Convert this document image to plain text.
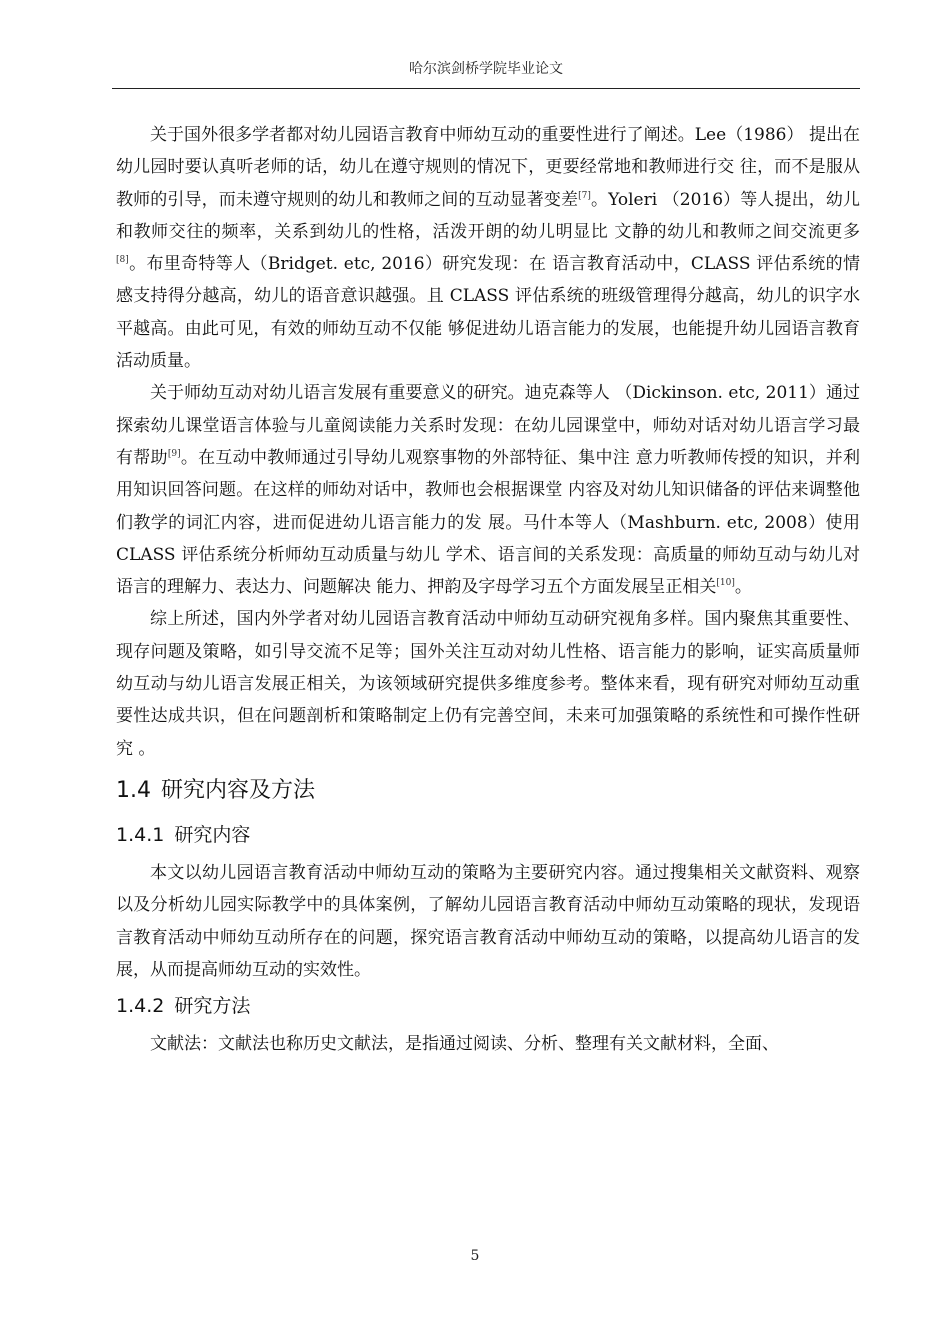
哈尔滨剑桥学院毕业论文

关于国外很多学者都对幼儿园语言教育中师幼互动的重要性进行了阐述。Lee（1986） 提出在幼儿园时要认真听老师的话，幼儿在遵守规则的情况下，更要经常地和教师进行交 往，而不是服从教师的引导，而未遵守规则的幼儿和教师之间的互动显著变差[7]。Yoleri （2016）等人提出，幼儿和教师交往的频率，关系到幼儿的性格，活泼开朗的幼儿明显比 文静的幼儿和教师之间交流更多[8]。布里奇特等人（Bridget. etc, 2016）研究发现：在 语言教育活动中，CLASS 评估系统的情感支持得分越高，幼儿的语音意识越强。且 CLASS 评估系统的班级管理得分越高，幼儿的识字水平越高。由此可见，有效的师幼互动不仅能 够促进幼儿语言能力的发展，也能提升幼儿园语言教育活动质量。

关于师幼互动对幼儿语言发展有重要意义的研究。迪克森等人 （Dickinson. etc, 2011）通过探索幼儿课堂语言体验与儿童阅读能力关系时发现：在幼儿园课堂中，师幼对话对幼儿语言学习最有帮助[9]。在互动中教师通过引导幼儿观察事物的外部特征、集中注 意力听教师传授的知识，并利用知识回答问题。在这样的师幼对话中，教师也会根据课堂 内容及对幼儿知识储备的评估来调整他们教学的词汇内容，进而促进幼儿语言能力的发 展。马什本等人（Mashburn. etc, 2008）使用 CLASS 评估系统分析师幼互动质量与幼儿 学术、语言间的关系发现：高质量的师幼互动与幼儿对语言的理解力、表达力、问题解决 能力、押韵及字母学习五个方面发展呈正相关[10]。

综上所述，国内外学者对幼儿园语言教育活动中师幼互动研究视角多样。国内聚焦其重要性、现存问题及策略，如引导交流不足等；国外关注互动对幼儿性格、语言能力的影响，证实高质量师幼互动与幼儿语言发展正相关，为该领域研究提供多维度参考。整体来看，现有研究对师幼互动重要性达成共识，但在问题剖析和策略制定上仍有完善空间，未来可加强策略的系统性和可操作性研究 。

1.4 研究内容及方法
1.4.1 研究内容

本文以幼儿园语言教育活动中师幼互动的策略为主要研究内容。通过搜集相关文献资料、观察以及分析幼儿园实际教学中的具体案例，了解幼儿园语言教育活动中师幼互动策略的现状，发现语言教育活动中师幼互动所存在的问题，探究语言教育活动中师幼互动的策略，以提高幼儿语言的发展，从而提高师幼互动的实效性。

1.4.2 研究方法

文献法：文献法也称历史文献法，是指通过阅读、分析、整理有关文献材料，全面、

5
